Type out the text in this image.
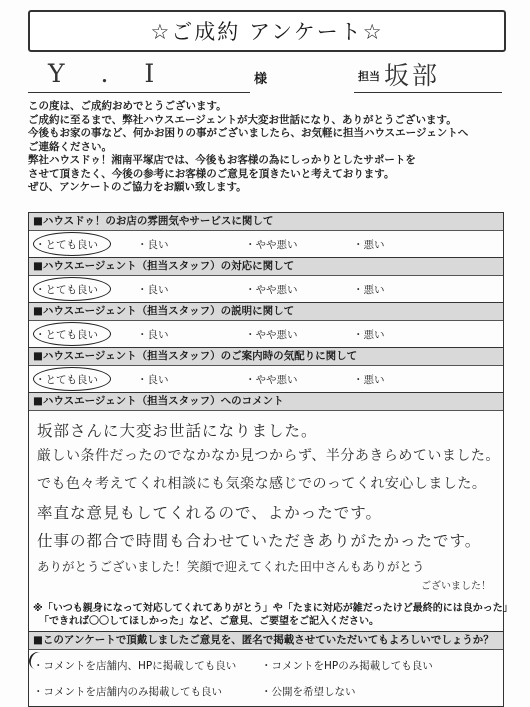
☆ご成約 アンケート☆
Y . I	様	担当 坂部
この度は、ご成約おめでとうございます。
ご成約に至るまで、弊社ハウスエージェントが大変お世話になり、ありがとうございます。
今後もお家の事など、何かお困りの事がございましたら、お気軽に担当ハウスエージェントへ
ご連絡ください。
弊社ハウスドゥ！湘南平塚店では、今後もお客様の為にしっかりとしたサポートを
させて頂きたく、今後の参考にお客様のご意見を頂きたいと考えております。
ぜひ、アンケートのご協力をお願い致します。
■ハウスドゥ！のお店の雰囲気やサービスに関して
・とても良い	・良い	・やや悪い	・悪い
■ハウスエージェント（担当スタッフ）の対応に関して
・とても良い	・良い	・やや悪い	・悪い
■ハウスエージェント（担当スタッフ）の説明に関して
・とても良い	・良い	・やや悪い	・悪い
■ハウスエージェント（担当スタッフ）のご案内時の気配りに関して
・とても良い	・良い	・やや悪い	・悪い
■ハウスエージェント（担当スタッフ）へのコメント
坂部さんに大変お世話になりました。
厳しい条件だったのでなかなか見つからず、半分あきらめていました。
でも色々考えてくれ相談にも気楽な感じでのってくれ安心しました。
率直な意見もしてくれるので、よかったです。
仕事の都合で時間も合わせていただきありがたかったです。
ありがとうございました！笑顔で迎えてくれた田中さんもありがとう
ございました！
※「いつも親身になって対応してくれてありがとう」や「たまに対応が雑だったけど最終的には良かった」
「できれば〇〇してほしかった」など、ご意見、ご要望をご記入ください。
■このアンケートで頂戴しましたご意見を、匿名で掲載させていただいてもよろしいでしょうか？
・コメントを店舗内、HPに掲載しても良い ・コメントをHPのみ掲載しても良い
・コメントを店舗内のみ掲載しても良い	・公開を希望しない
